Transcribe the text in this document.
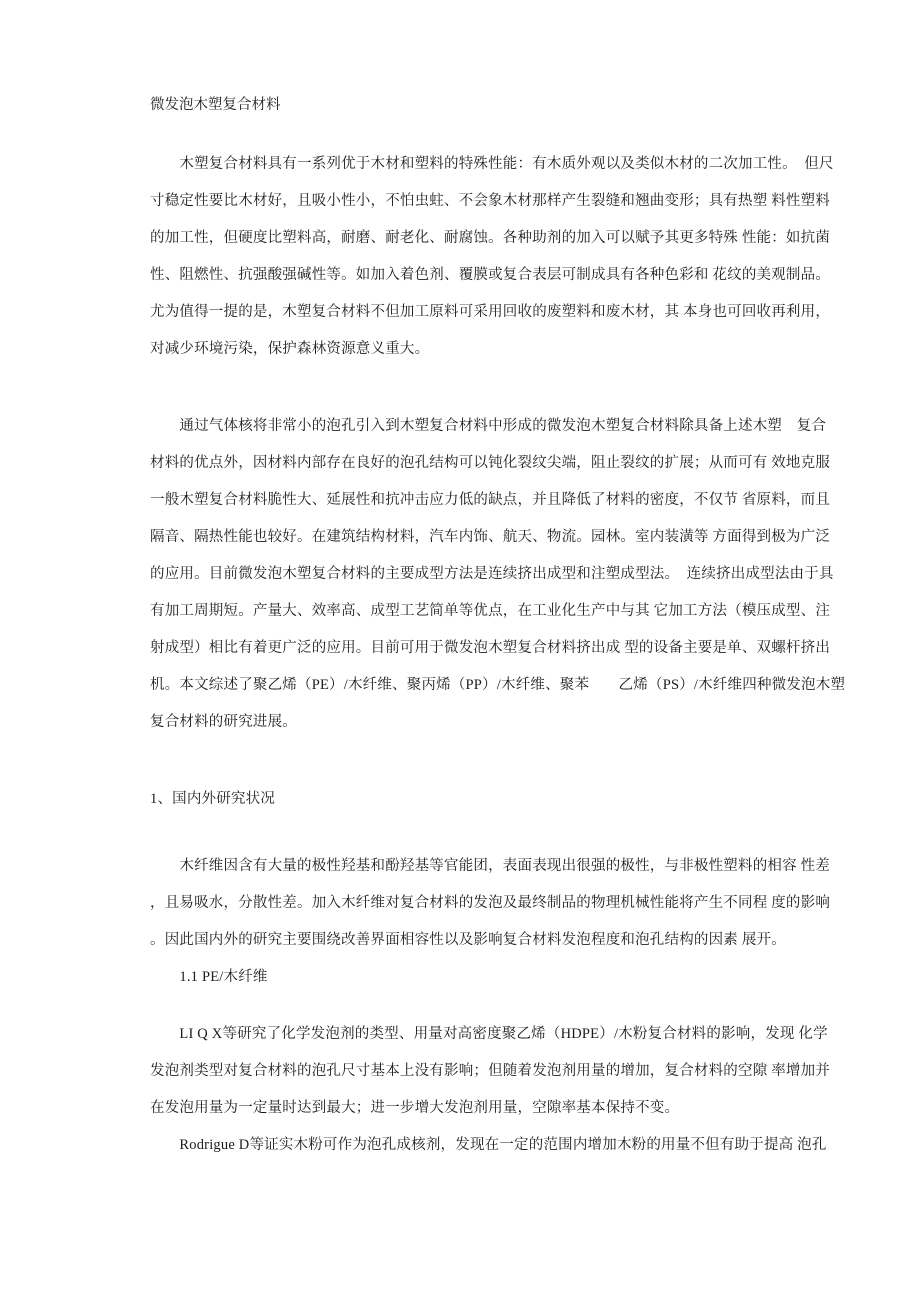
微发泡木塑复合材料
　　木塑复合材料具有一系列优于木材和塑料的特殊性能：有木质外观以及类似木材的二次加工性。　但尺
寸稳定性要比木材好，且吸小性小，不怕虫蛀、不会象木材那样产生裂缝和翘曲变形；具有热塑 料性塑料
的加工性，但硬度比塑料高，耐磨、耐老化、耐腐蚀。各种助剂的加入可以赋予其更多特殊 性能：如抗菌
性、阻燃性、抗强酸强碱性等。如加入着色剂、覆膜或复合表层可制成具有各种色彩和 花纹的美观制品。
尤为值得一提的是，木塑复合材料不但加工原料可采用回收的废塑料和废木材，其 本身也可回收再利用，
对减少环境污染，保护森林资源意义重大。
　　通过气体核将非常小的泡孔引入到木塑复合材料中形成的微发泡木塑复合材料除具备上述木塑　复合
材料的优点外，因材料内部存在良好的泡孔结构可以钝化裂纹尖端，阻止裂纹的扩展；从而可有 效地克服
一般木塑复合材料脆性大、延展性和抗冲击应力低的缺点，并且降低了材料的密度，不仅节 省原料，而且
隔音、隔热性能也较好。在建筑结构材料，汽车内饰、航天、物流。园林。室内装潢等 方面得到极为广泛
的应用。目前微发泡木塑复合材料的主要成型方法是连续挤出成型和注塑成型法。　连续挤出成型法由于具
有加工周期短。产量大、效率高、成型工艺简单等优点，在工业化生产中与其 它加工方法（模压成型、注
射成型）相比有着更广泛的应用。目前可用于微发泡木塑复合材料挤出成 型的设备主要是单、双螺杆挤出
机。本文综述了聚乙烯（PE）/木纤维、聚丙烯（PP）/木纤维、聚苯　　乙烯（PS）/木纤维四种微发泡木塑
复合材料的研究进展。
1、国内外研究状况
　　木纤维因含有大量的极性羟基和酚羟基等官能团，表面表现出很强的极性，与非极性塑料的相容 性差
，且易吸水，分散性差。加入木纤维对复合材料的发泡及最终制品的物理机械性能将产生不同程 度的影响
。因此国内外的研究主要围绕改善界面相容性以及影响复合材料发泡程度和泡孔结构的因素 展开。
　　1.1 PE/木纤维
　　LI Q X等研究了化学发泡剂的类型、用量对高密度聚乙烯（HDPE）/木粉复合材料的影响，发现 化学
发泡剂类型对复合材料的泡孔尺寸基本上没有影响；但随着发泡剂用量的增加，复合材料的空隙 率增加并
在发泡用量为一定量时达到最大；进一步增大发泡剂用量，空隙率基本保持不变。
　　Rodrigue D等证实木粉可作为泡孔成核剂，发现在一定的范围内增加木粉的用量不但有助于提高 泡孔
